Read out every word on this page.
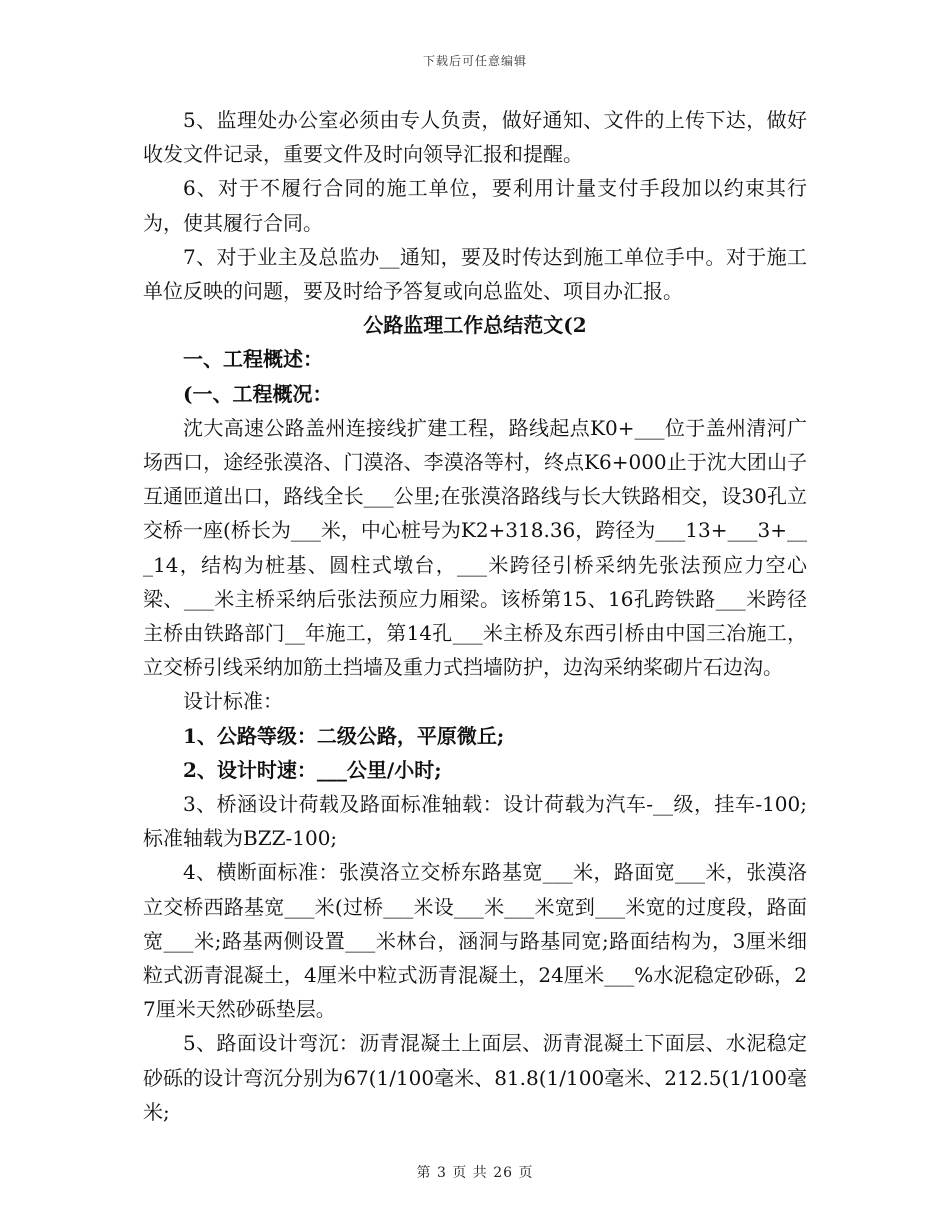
下载后可任意编辑

5、监理处办公室必须由专人负责，做好通知、文件的上传下达，做好收发文件记录，重要文件及时向领导汇报和提醒。

6、对于不履行合同的施工单位，要利用计量支付手段加以约束其行为，使其履行合同。

7、对于业主及总监办__通知，要及时传达到施工单位手中。对于施工单位反映的问题，要及时给予答复或向总监处、项目办汇报。

公路监理工作总结范文(2

一、工程概述：

(一、工程概况：

沈大高速公路盖州连接线扩建工程，路线起点K0+___位于盖州清河广场西口，途经张漠洛、门漠洛、李漠洛等村，终点K6+000止于沈大团山子互通匝道出口，路线全长___公里;在张漠洛路线与长大铁路相交，设30孔立交桥一座(桥长为___米，中心桩号为K2+318.36，跨径为___13+___3+___14，结构为桩基、圆柱式墩台，___米跨径引桥采纳先张法预应力空心梁、___米主桥采纳后张法预应力厢梁。该桥第15、16孔跨铁路___米跨径主桥由铁路部门__年施工，第14孔___米主桥及东西引桥由中国三冶施工，立交桥引线采纳加筋土挡墙及重力式挡墙防护，边沟采纳桨砌片石边沟。

设计标准：

1、公路等级：二级公路，平原微丘;

2、设计时速：___公里/小时;

3、桥涵设计荷载及路面标准轴载：设计荷载为汽车-__级，挂车-100;标准轴载为BZZ-100;

4、横断面标准：张漠洛立交桥东路基宽___米，路面宽___米，张漠洛立交桥西路基宽___米(过桥___米设___米___米宽到___米宽的过度段，路面宽___米;路基两侧设置___米林台，涵洞与路基同宽;路面结构为，3厘米细粒式沥青混凝土，4厘米中粒式沥青混凝土，24厘米___%水泥稳定砂砾，27厘米天然砂砾垫层。

5、路面设计弯沉：沥青混凝土上面层、沥青混凝土下面层、水泥稳定砂砾的设计弯沉分别为67(1/100毫米、81.8(1/100毫米、212.5(1/100毫米;

第 3 页 共 26 页
